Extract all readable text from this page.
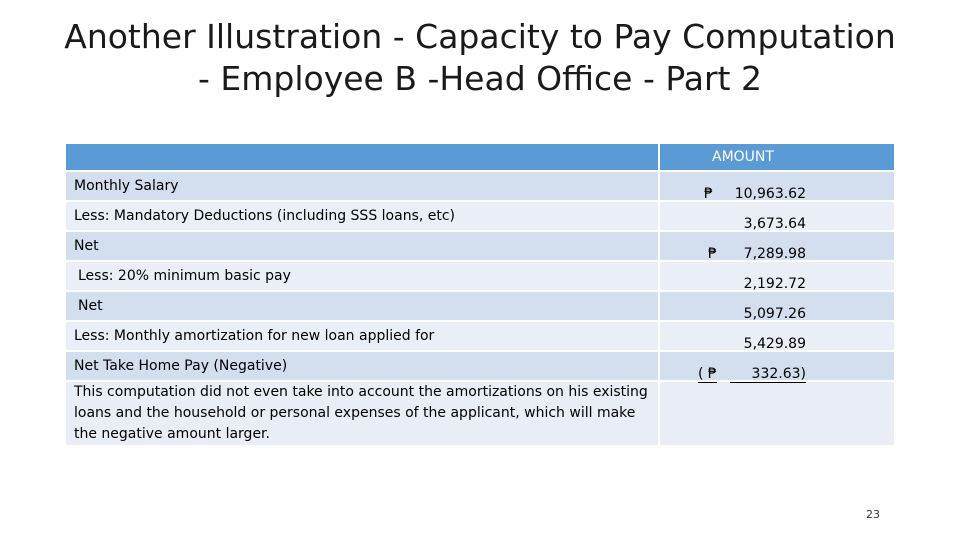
Another Illustration - Capacity to Pay Computation
- Employee B -Head Office - Part 2
	AMOUNT
Monthly Salary	₱ 10,963.62

Less: Mandatory Deductions (including SSS loans, etc)	3,673.64

Net	₱ 7,289.98

Less: 20% minimum basic pay	2,192.72

Net	5,097.26

Less: Monthly amortization for new loan applied for	5,429.89

Net Take Home Pay (Negative)	( ₱ 332.63)

This computation did not even take into account the amortizations on his existing loans and the household or personal expenses of the applicant, which will make the negative amount larger.	
23
